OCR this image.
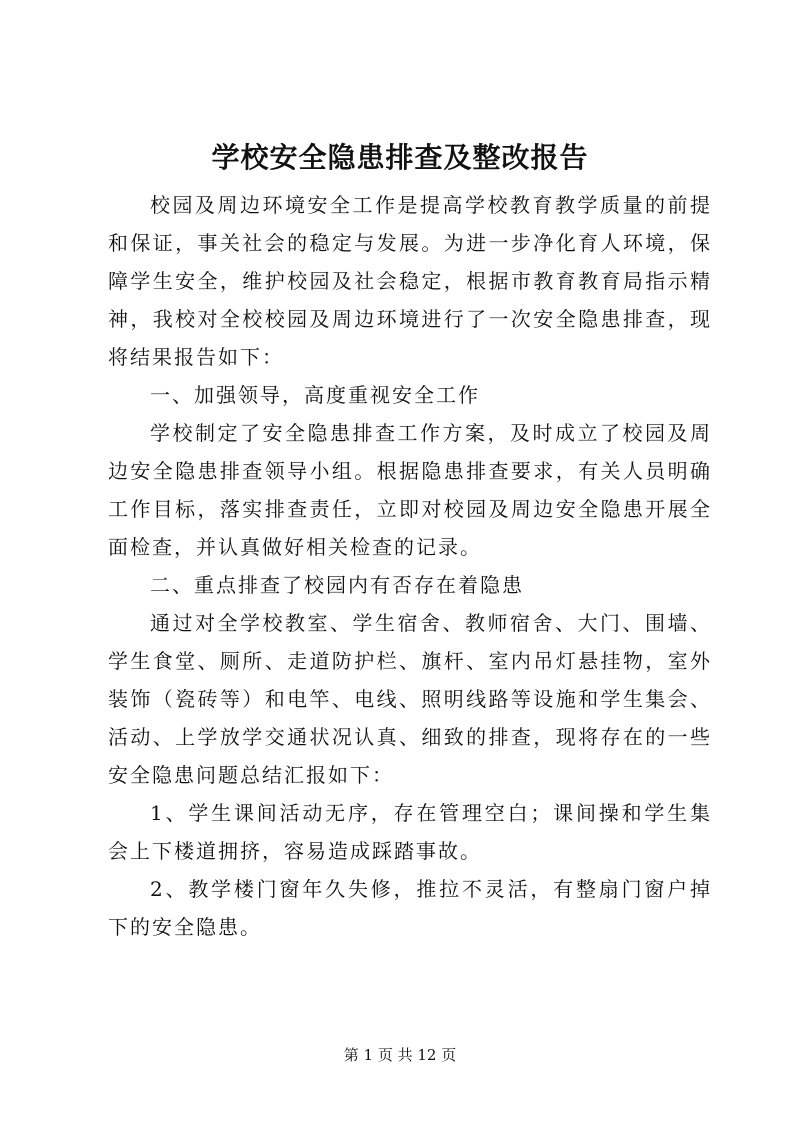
学校安全隐患排查及整改报告

校园及周边环境安全工作是提高学校教育教学质量的前提和保证，事关社会的稳定与发展。为进一步净化育人环境，保障学生安全，维护校园及社会稳定，根据市教育教育局指示精神，我校对全校校园及周边环境进行了一次安全隐患排查，现将结果报告如下：

一、加强领导，高度重视安全工作

学校制定了安全隐患排查工作方案，及时成立了校园及周边安全隐患排查领导小组。根据隐患排查要求，有关人员明确工作目标，落实排查责任，立即对校园及周边安全隐患开展全面检查，并认真做好相关检查的记录。

二、重点排查了校园内有否存在着隐患

通过对全学校教室、学生宿舍、教师宿舍、大门、围墙、学生食堂、厕所、走道防护栏、旗杆、室内吊灯悬挂物，室外装饰（瓷砖等）和电竿、电线、照明线路等设施和学生集会、活动、上学放学交通状况认真、细致的排查，现将存在的一些安全隐患问题总结汇报如下：

1、学生课间活动无序，存在管理空白；课间操和学生集会上下楼道拥挤，容易造成踩踏事故。

2、教学楼门窗年久失修，推拉不灵活，有整扇门窗户掉下的安全隐患。

第 1 页 共 12 页
